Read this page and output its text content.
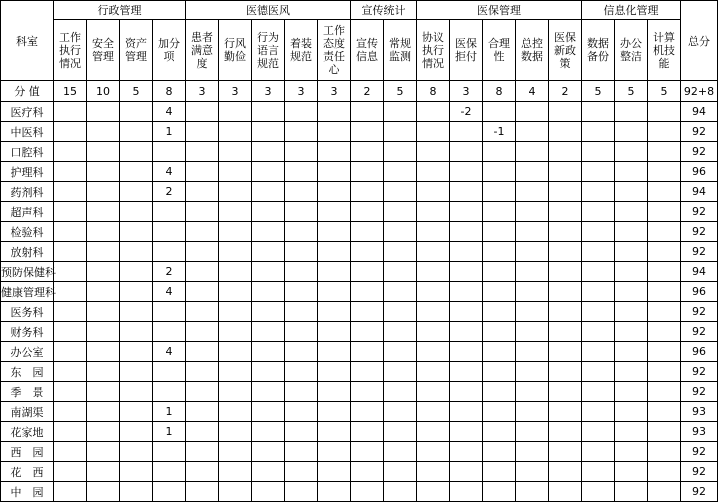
科室	行政管理				医德医风					宣传统计		医保管理					信息化管理			总分
	工作执行情况	安全管理	资产管理	加分项	患者满意度	行风勤俭	行为语言规范	着装规范	工作态度责任心	宣传信息	常规监测	协议执行情况	医保拒付	合理性	总控数据	医保新政策	数据备份	办公整洁	计算机技能	
分 值	15	10	5	8	3	3	3	3	3	2	5	8	3	8	4	2	5	5	5	92+8
医疗科				4									-2							94
中医科				1										-1						92
口腔科																				92
护理科				4																96
药剂科				2																94
超声科																				92
检验科																				92
放射科																				92
预防保健科				2																94
健康管理科				4																96
医务科																				92
财务科																				92
办公室				4																96
东　园																				92
季　景																				92
南湖渠				1																93
花家地				1																93
西　园																				92
花　西																				92
中　园																				92
